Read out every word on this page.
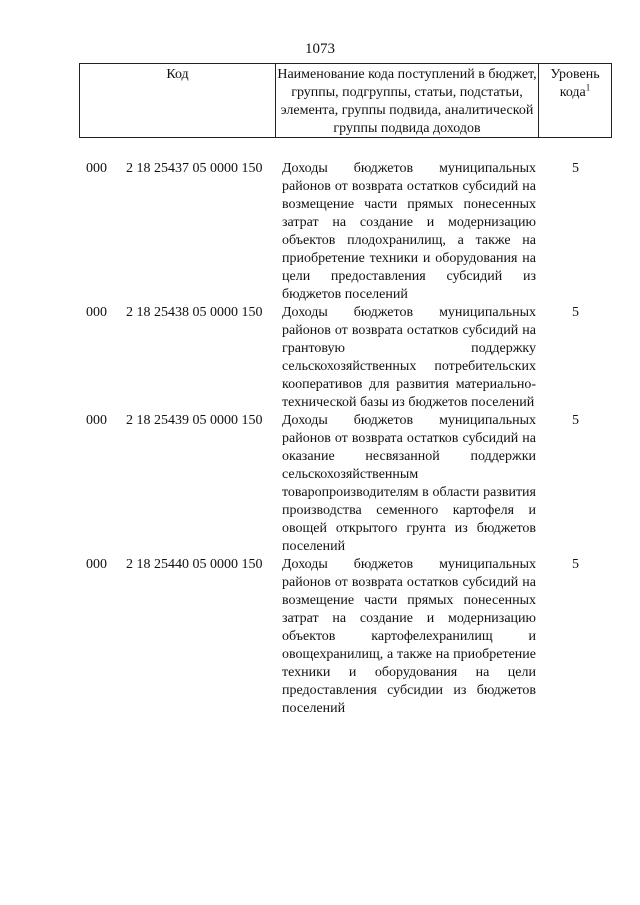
1073
Код	Наименование кода поступлений в бюджет, группы, подгруппы, статьи, подстатьи, элемента, группы подвида, аналитической группы подвида доходов
Уровень кода$^1$
000 2 18 25437 05 0000 150 Доходы бюджетов муниципальных районов от возврата остатков субсидий на возмещение части прямых понесенных затрат на создание и модернизацию объектов плодохранилищ, а также на приобретение техники и оборудования на цели предоставления субсидий из бюджетов поселений
5
000 2 18 25438 05 0000 150 Доходы бюджетов муниципальных районов от возврата остатков субсидий на грантовую поддержку сельскохозяйственных потребительских кооперативов для развития материально-технической базы из бюджетов поселений
5
000 2 18 25439 05 0000 150 Доходы бюджетов муниципальных районов от возврата остатков субсидий на оказание несвязанной поддержки сельскохозяйственным товаропроизводителям в области развития производства семенного картофеля и овощей открытого грунта из бюджетов поселений
5
000 2 18 25440 05 0000 150 Доходы бюджетов муниципальных районов от возврата остатков субсидий на возмещение части прямых понесенных затрат на создание и модернизацию объектов картофелехранилищ и овощехранилищ, а также на приобретение техники и оборудования на цели предоставления субсидии из бюджетов поселений
5
